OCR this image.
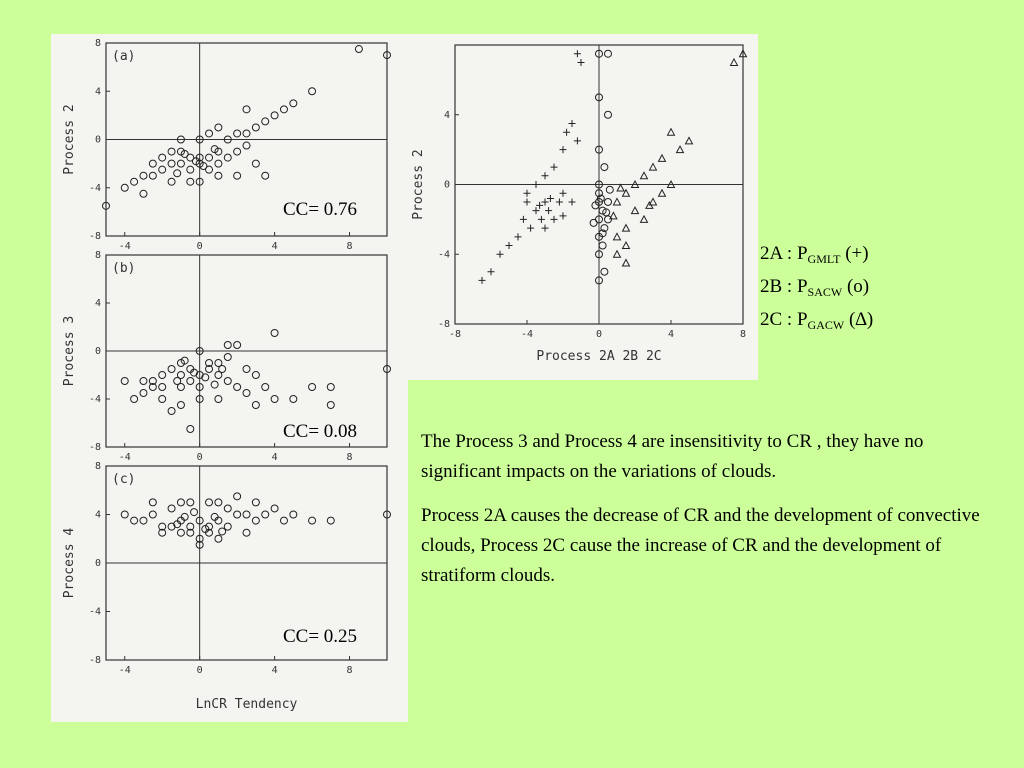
-4	0	4	8
8
4
0
-4
-8
Process 2
(a)
-4	0	4	8
8
4
0
-4
-8
Process 3
(b)
-4	0	4	8
8
4
0
-4
-8
Process 4
LnCR Tendency
(c)
-8	-4	0	4	8
4
0
-4
-8
Process 2
Process 2A 2B 2C
CC= 0.76
CC= 0.08
CC= 0.25
2A : $P_{GMLT}$ (+)
2B : $P_{SACW}$ (o)
2C : $P_{GACW}$ (∆)

The Process 3 and Process 4 are insensitivity to CR , they have no significant impacts on the variations of clouds.

Process 2A causes the decrease of CR and the development of convective clouds, Process 2C cause the increase of CR and the development of stratiform clouds.
